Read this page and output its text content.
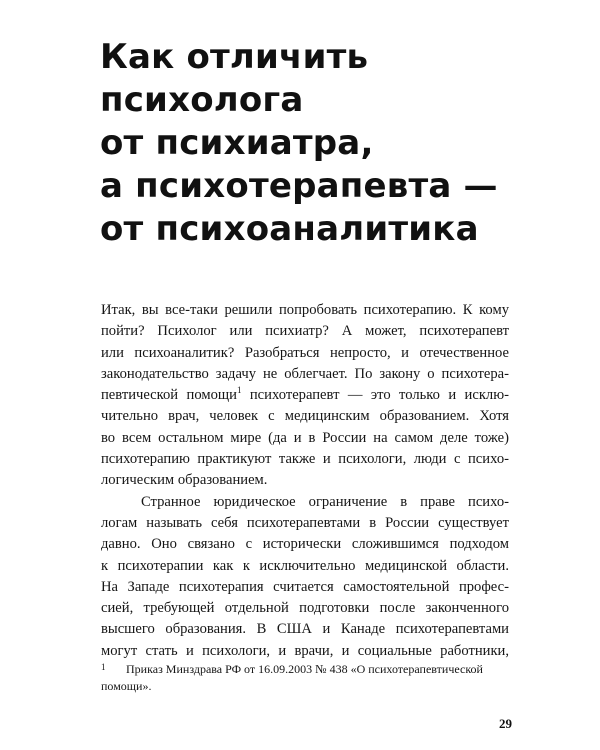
Как отличить
психолога
от психиатра,
а психотерапевта —
от психоаналитика
Итак, вы все-таки решили попробовать психотерапию. К кому
пойти? Психолог или психиатр? А может, психотерапевт
или психоаналитик? Разобраться непросто, и отечественное
законодательство задачу не облегчает. По закону о психотера-
певтической помощи$^1$ психотерапевт — это только и исклю-
чительно врач, человек с медицинским образованием. Хотя
во всем остальном мире (да и в России на самом деле тоже)
психотерапию практикуют также и психологи, люди с психо-
логическим образованием.
Странное юридическое ограничение в праве психо-
логам называть себя психотерапевтами в России существует
давно. Оно связано с исторически сложившимся подходом
к психотерапии как к исключительно медицинской области.
На Западе психотерапия считается самостоятельной профес-
сией, требующей отдельной подготовки после законченного
высшего образования. В США и Канаде психотерапевтами
могут стать и психологи, и врачи, и социальные работники,
1	Приказ Минздрава РФ от 16.09.2003 № 438 «О психотерапевтической
помощи».
29
